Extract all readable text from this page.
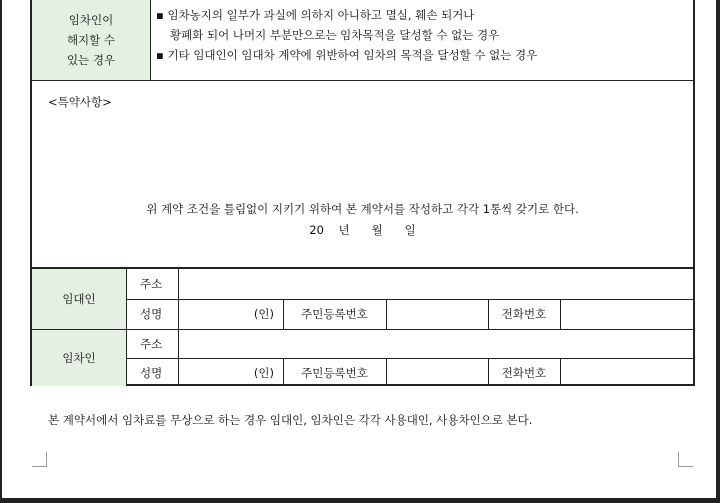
임차인이
해지할 수
있는 경우
▪ 임차농지의 일부가 과실에 의하지 아니하고 멸실, 훼손 되거나
황폐화 되어 나머지 부분만으로는 임차목적을 달성할 수 없는 경우
▪ 기타 임대인이 임대차 계약에 위반하여 임차의 목적을 달성할 수 없는 경우
<특약사항>
위 계약 조건을 틀림없이 지키기 위하여 본 계약서를 작성하고 각각 1통씩 갖기로 한다.
20    년      월      일
임대인
주소
성명	(인)	주민등록번호	전화번호
임차인
주소
성명	(인)	주민등록번호	전화번호
본 계약서에서 임차료를 무상으로 하는 경우 임대인, 임차인은 각각 사용대인, 사용차인으로 본다.
